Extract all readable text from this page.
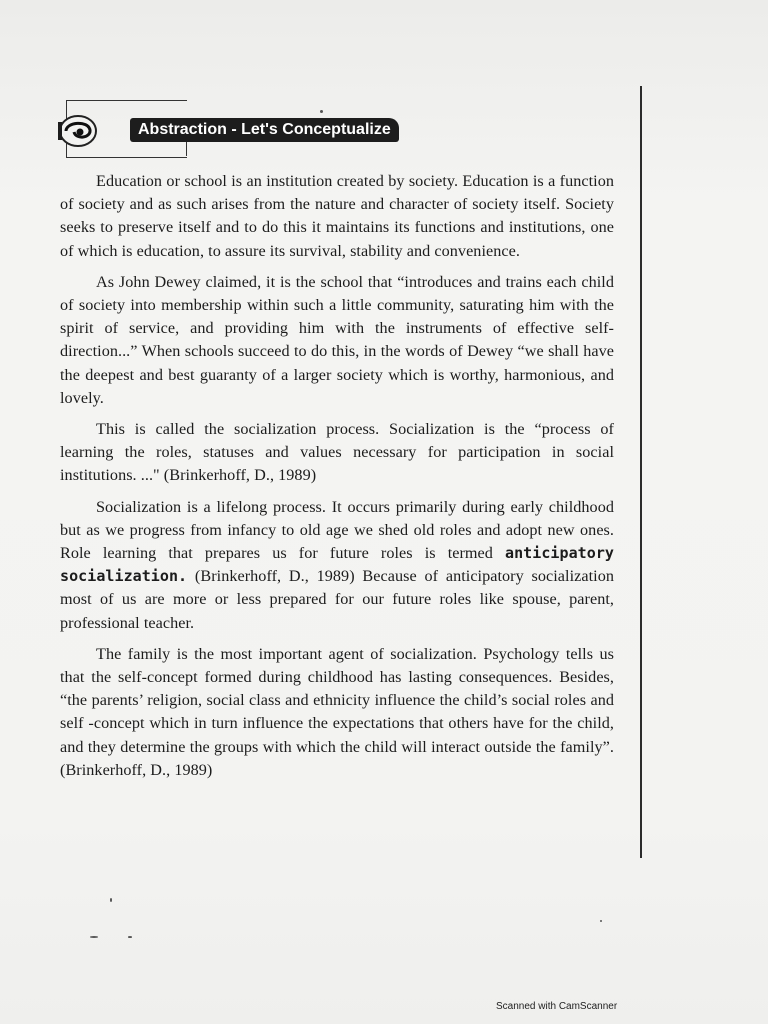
Abstraction - Let's Conceptualize

Education or school is an institution created by society. Education is a function of society and as such arises from the nature and character of society itself. Society seeks to preserve itself and to do this it maintains its functions and institutions, one of which is education, to assure its survival, stability and convenience.

As John Dewey claimed, it is the school that “introduces and trains each child of society into membership within such a little community, saturating him with the spirit of service, and providing him with the instruments of effective self-direction...” When schools succeed to do this, in the words of Dewey “we shall have the deepest and best guaranty of a larger society which is worthy, harmonious, and lovely.

This is called the socialization process. Socialization is the “process of learning the roles, statuses and values necessary for participation in social institutions. ..." (Brinkerhoff, D., 1989)

Socialization is a lifelong process. It occurs primarily during early childhood but as we progress from infancy to old age we shed old roles and adopt new ones. Role learning that prepares us for future roles is termed anticipatory socialization. (Brinkerhoff, D., 1989) Because of anticipatory socialization most of us are more or less prepared for our future roles like spouse, parent, professional teacher.

The family is the most important agent of socialization. Psychology tells us that the self-concept formed during childhood has lasting consequences. Besides, “the parents’ religion, social class and ethnicity influence the child’s social roles and self -concept which in turn influence the expectations that others have for the child, and they determine the groups with which the child will interact outside the family”. (Brinkerhoff, D., 1989)

Scanned with CamScanner
